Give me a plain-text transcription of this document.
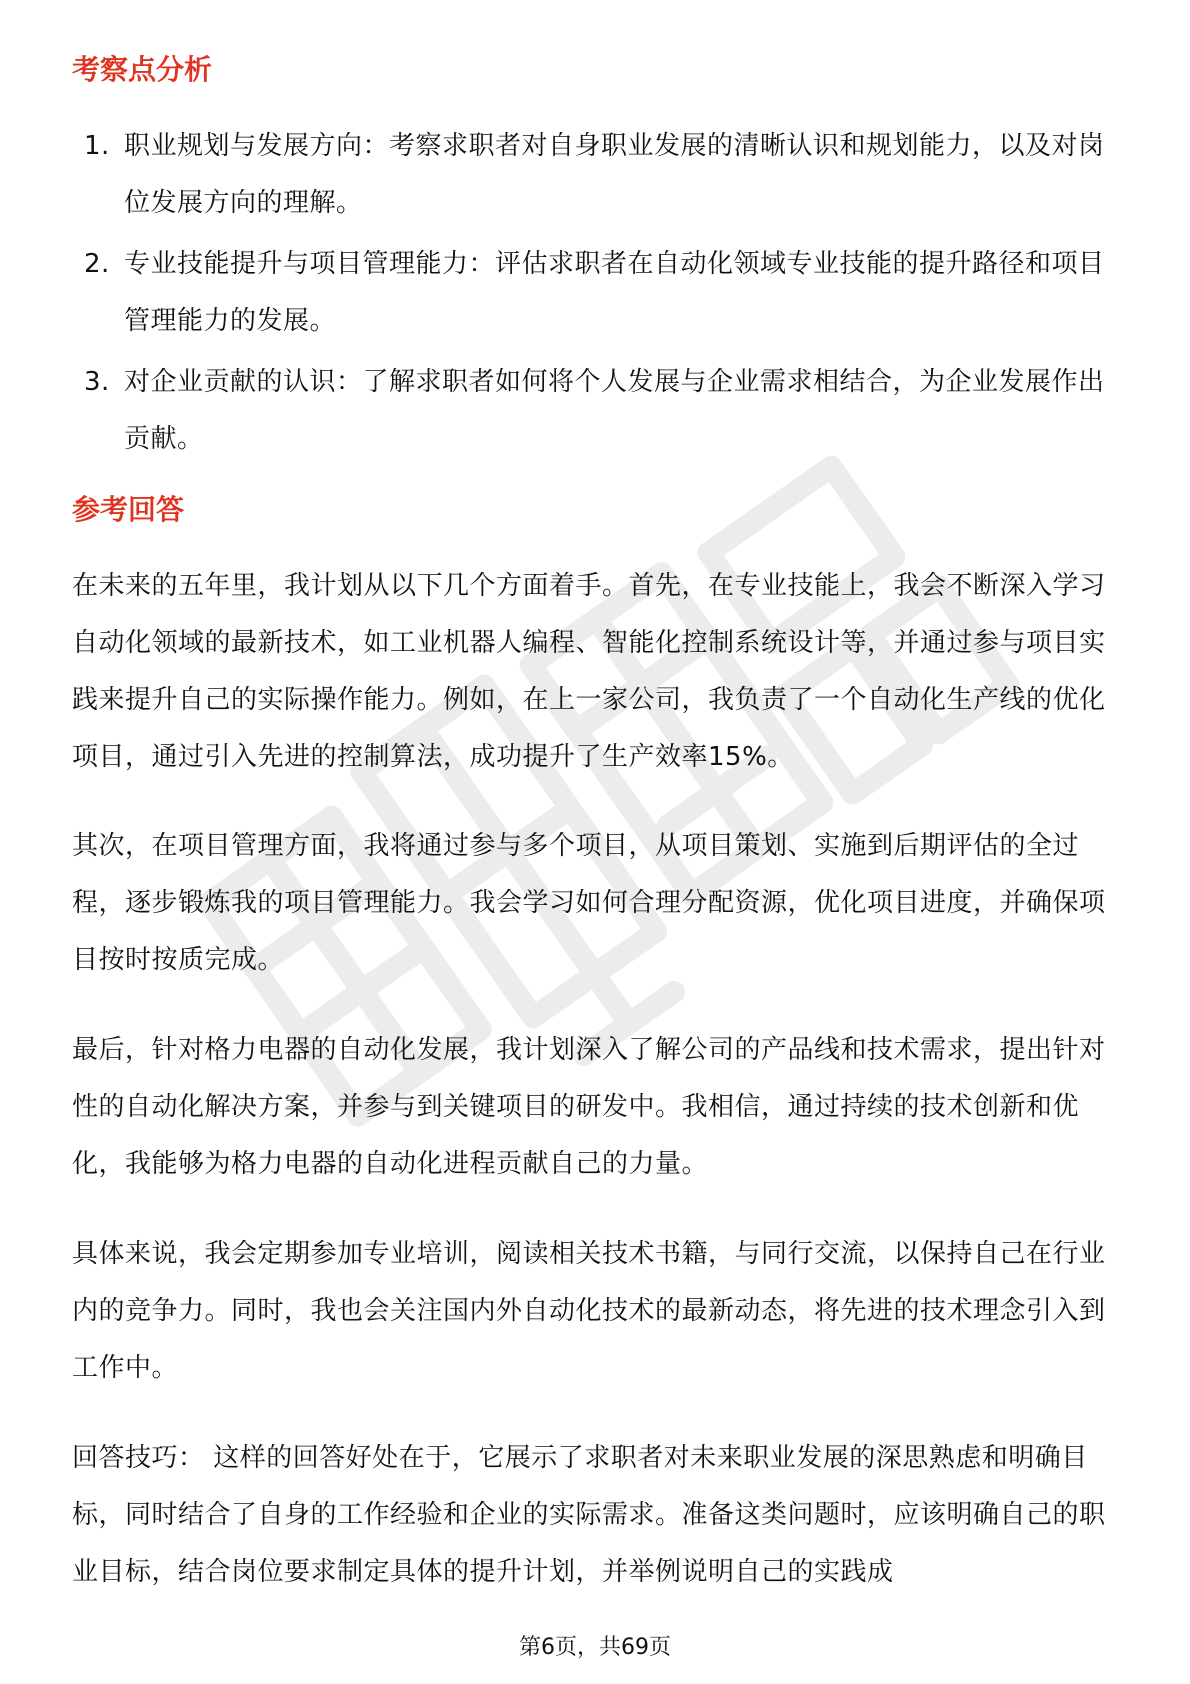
考察点分析
1. 职业规划与发展方向：考察求职者对自身职业发展的清晰认识和规划能力，以及对岗位发展方向的理解。
2. 专业技能提升与项目管理能力：评估求职者在自动化领域专业技能的提升路径和项目管理能力的发展。
3. 对企业贡献的认识：了解求职者如何将个人发展与企业需求相结合，为企业发展作出贡献。
参考回答

在未来的五年里，我计划从以下几个方面着手。首先，在专业技能上，我会不断深入学习自动化领域的最新技术，如工业机器人编程、智能化控制系统设计等，并通过参与项目实践来提升自己的实际操作能力。例如，在上一家公司，我负责了一个自动化生产线的优化项目，通过引入先进的控制算法，成功提升了生产效率15%。

其次，在项目管理方面，我将通过参与多个项目，从项目策划、实施到后期评估的全过程，逐步锻炼我的项目管理能力。我会学习如何合理分配资源，优化项目进度，并确保项目按时按质完成。

最后，针对格力电器的自动化发展，我计划深入了解公司的产品线和技术需求，提出针对性的自动化解决方案，并参与到关键项目的研发中。我相信，通过持续的技术创新和优化，我能够为格力电器的自动化进程贡献自己的力量。

具体来说，我会定期参加专业培训，阅读相关技术书籍，与同行交流，以保持自己在行业内的竞争力。同时，我也会关注国内外自动化技术的最新动态，将先进的技术理念引入到工作中。

回答技巧： 这样的回答好处在于，它展示了求职者对未来职业发展的深思熟虑和明确目标，同时结合了自身的工作经验和企业的实际需求。准备这类问题时，应该明确自己的职业目标，结合岗位要求制定具体的提升计划，并举例说明自己的实践成

第6页，共69页
